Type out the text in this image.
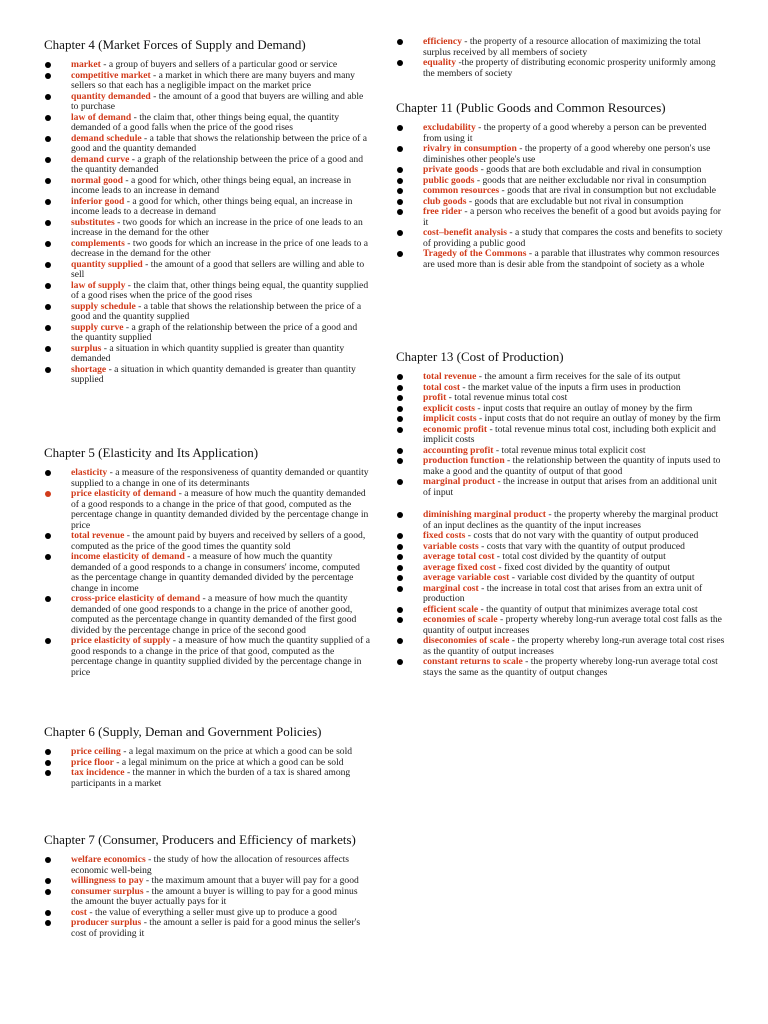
Chapter 4 (Market Forces of Supply and Demand)
market - a group of buyers and sellers of a particular good or service
competitive market - a market in which there are many buyers and many sellers so that each has a negligible impact on the market price
quantity demanded - the amount of a good that buyers are willing and able to purchase
law of demand - the claim that, other things being equal, the quantity demanded of a good falls when the price of the good rises
demand schedule - a table that shows the relationship between the price of a good and the quantity demanded
demand curve - a graph of the relationship between the price of a good and the quantity demanded
normal good - a good for which, other things being equal, an increase in income leads to an increase in demand
inferior good - a good for which, other things being equal, an increase in income leads to a decrease in demand
substitutes - two goods for which an increase in the price of one leads to an increase in the demand for the other
complements - two goods for which an increase in the price of one leads to a decrease in the demand for the other
quantity supplied - the amount of a good that sellers are willing and able to sell
law of supply - the claim that, other things being equal, the quantity supplied of a good rises when the price of the good rises
supply schedule - a table that shows the relationship between the price of a good and the quantity supplied
supply curve - a graph of the relationship between the price of a good and the quantity supplied
surplus - a situation in which quantity supplied is greater than quantity demanded
shortage - a situation in which quantity demanded is greater than quantity supplied
Chapter 5 (Elasticity and Its Application)
elasticity - a measure of the responsiveness of quantity demanded or quantity supplied to a change in one of its determinants
price elasticity of demand - a measure of how much the quantity demanded of a good responds to a change in the price of that good, computed as the percentage change in quantity demanded divided by the percentage change in price
total revenue - the amount paid by buyers and received by sellers of a good, computed as the price of the good times the quantity sold
income elasticity of demand - a measure of how much the quantity demanded of a good responds to a change in consumers' income, computed as the percentage change in quantity demanded divided by the percentage change in income
cross-price elasticity of demand - a measure of how much the quantity demanded of one good responds to a change in the price of another good, computed as the percentage change in quantity demanded of the first good divided by the percentage change in price of the second good
price elasticity of supply - a measure of how much the quantity supplied of a good responds to a change in the price of that good, computed as the percentage change in quantity supplied divided by the percentage change in price
Chapter 6 (Supply, Deman and Government Policies)
price ceiling - a legal maximum on the price at which a good can be sold
price floor - a legal minimum on the price at which a good can be sold
tax incidence - the manner in which the burden of a tax is shared among participants in a market
Chapter 7 (Consumer, Producers and Efficiency of markets)
welfare economics - the study of how the allocation of resources affects economic well-being
willingness to pay - the maximum amount that a buyer will pay for a good
consumer surplus - the amount a buyer is willing to pay for a good minus the amount the buyer actually pays for it
cost - the value of everything a seller must give up to produce a good
producer surplus - the amount a seller is paid for a good minus the seller's cost of providing it
efficiency - the property of a resource allocation of maximizing the total surplus received by all members of society
equality -the property of distributing economic prosperity uniformly among the members of society
Chapter 11 (Public Goods and Common Resources)
excludability - the property of a good whereby a person can be prevented from using it
rivalry in consumption - the property of a good whereby one person's use diminishes other people's use
private goods - goods that are both excludable and rival in consumption
public goods - goods that are neither excludable nor rival in consumption
common resources - goods that are rival in consumption but not excludable
club goods - goods that are excludable but not rival in consumption
free rider - a person who receives the benefit of a good but avoids paying for it
cost–benefit analysis - a study that compares the costs and benefits to society of providing a public good
Tragedy of the Commons - a parable that illustrates why common resources are used more than is desir able from the standpoint of society as a whole
Chapter 13 (Cost of Production)
total revenue - the amount a firm receives for the sale of its output
total cost - the market value of the inputs a firm uses in production
profit - total revenue minus total cost
explicit costs - input costs that require an outlay of money by the firm
implicit costs - input costs that do not require an outlay of money by the firm
economic profit - total revenue minus total cost, including both explicit and implicit costs
accounting profit - total revenue minus total explicit cost
production function - the relationship between the quantity of inputs used to make a good and the quantity of output of that good
marginal product - the increase in output that arises from an additional unit of input
diminishing marginal product - the property whereby the marginal product of an input declines as the quantity of the input increases
fixed costs - costs that do not vary with the quantity of output produced
variable costs - costs that vary with the quantity of output produced
average total cost - total cost divided by the quantity of output
average fixed cost - fixed cost divided by the quantity of output
average variable cost - variable cost divided by the quantity of output
marginal cost - the increase in total cost that arises from an extra unit of production
efficient scale - the quantity of output that minimizes average total cost
economies of scale - property whereby long-run average total cost falls as the quantity of output increases
diseconomies of scale - the property whereby long-run average total cost rises as the quantity of output increases
constant returns to scale - the property whereby long-run average total cost stays the same as the quantity of output changes
